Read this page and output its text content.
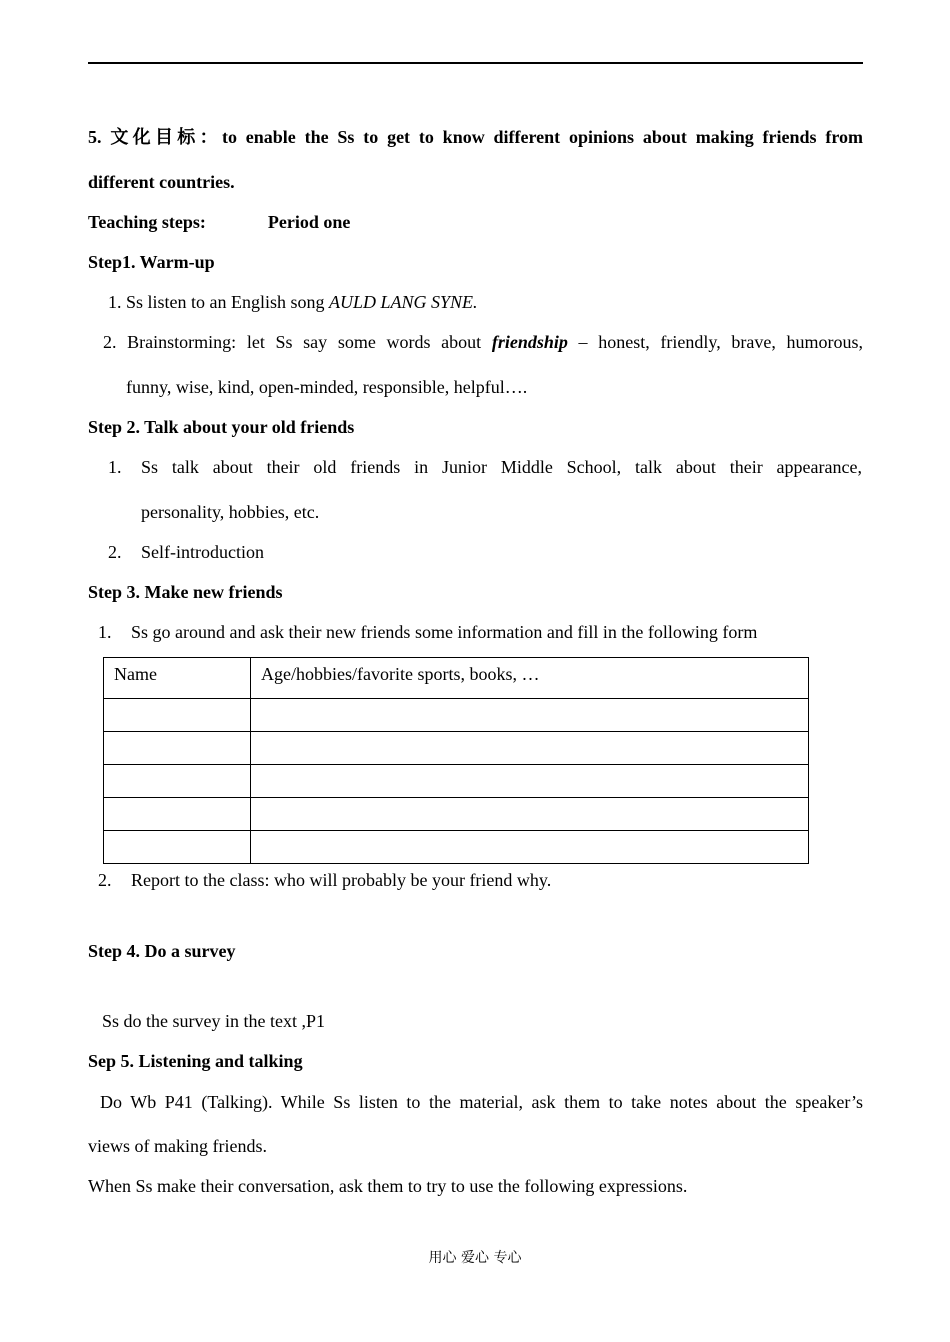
5. 文化目标：to enable the Ss to get to know different opinions about making friends from
different countries.
Teaching steps:	Period one
Step1. Warm-up
1. Ss listen to an English song AULD LANG SYNE.
2. Brainstorming: let Ss say some words about friendship – honest, friendly, brave, humorous,
funny, wise, kind, open-minded, responsible, helpful….
Step 2. Talk about your old friends
1.	Ss talk about their old friends in Junior Middle School, talk about their appearance,
personality, hobbies, etc.
2.	Self-introduction
Step 3. Make new friends
1.	Ss go around and ask their new friends some information and fill in the following form
Name	Age/hobbies/favorite sports, books, …

2.	Report to the class: who will probably be your friend why.
Step 4. Do a survey
Ss do the survey in the text ,P1
Sep 5. Listening and talking
Do Wb P41 (Talking). While Ss listen to the material, ask them to take notes about the speaker’s
views of making friends.
When Ss make their conversation, ask them to try to use the following expressions.
用心 爱心 专心
